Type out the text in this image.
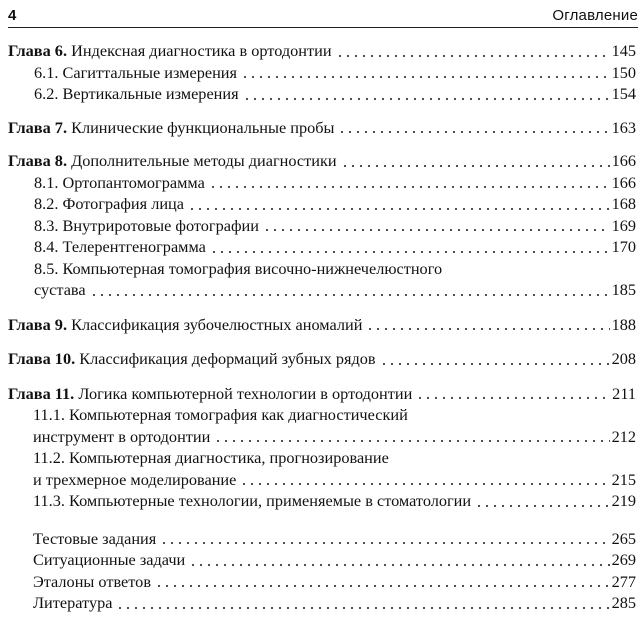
4	Оглавление
Глава 6. Индексная диагностика в ортодонтии	145
6.1. Сагиттальные измерения	150
6.2. Вертикальные измерения	154
Глава 7. Клинические функциональные пробы	163
Глава 8. Дополнительные методы диагностики	166
8.1. Ортопантомограмма	166
8.2. Фотография лица	168
8.3. Внутриротовые фотографии	169
8.4. Телерентгенограмма	170
8.5. Компьютерная томография височно-нижнечелюстного
сустава	185
Глава 9. Классификация зубочелюстных аномалий	188
Глава 10. Классификация деформаций зубных рядов	208
Глава 11. Логика компьютерной технологии в ортодонтии	211
11.1. Компьютерная томография как диагностический
инструмент в ортодонтии	212
11.2. Компьютерная диагностика, прогнозирование
и трехмерное моделирование	215
11.3. Компьютерные технологии, применяемые в стоматологии	219
Тестовые задания	265
Ситуационные задачи	269
Эталоны ответов	277
Литература	285
